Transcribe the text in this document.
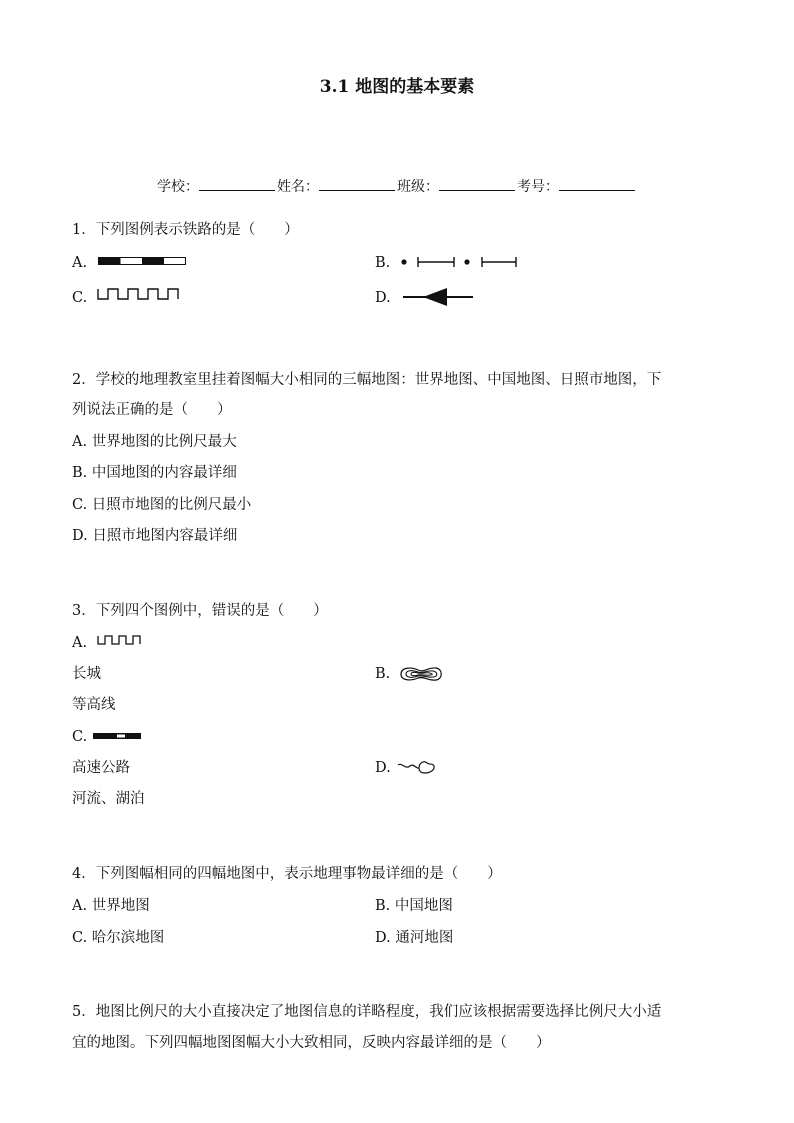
3.1 地图的基本要素
学校：	姓名：	班级：	考号：
1．下列图例表示铁路的是（　　）
A.	B.
C.	D.
2．学校的地理教室里挂着图幅大小相同的三幅地图：世界地图、中国地图、日照市地图，下
列说法正确的是（　　）
A. 世界地图的比例尺最大
B. 中国地图的内容最详细
C. 日照市地图的比例尺最小
D. 日照市地图内容最详细
3．下列四个图例中，错误的是（　　）
A.
长城	B.
等高线
C.
高速公路	D.
河流、湖泊
4．下列图幅相同的四幅地图中，表示地理事物最详细的是（　　）
A. 世界地图	B. 中国地图
C. 哈尔滨地图	D. 通河地图
5．地图比例尺的大小直接决定了地图信息的详略程度，我们应该根据需要选择比例尺大小适
宜的地图。下列四幅地图图幅大小大致相同，反映内容最详细的是（　　）
